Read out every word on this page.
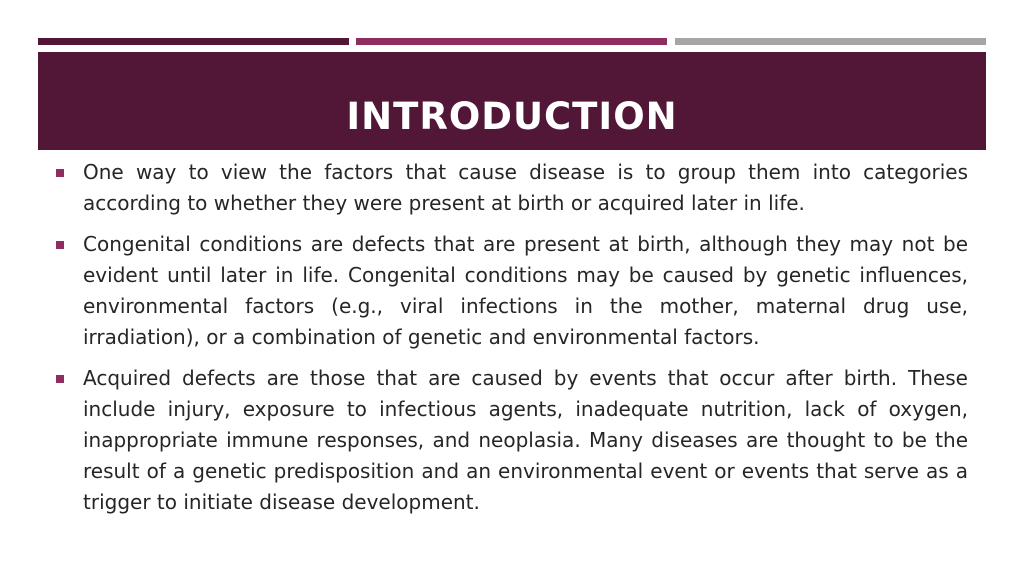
INTRODUCTION
One way to view the factors that cause disease is to group them into categories according to whether they were present at birth or acquired later in life.
Congenital conditions are defects that are present at birth, although they may not be evident until later in life. Congenital conditions may be caused by genetic influences, environmental factors (e.g., viral infections in the mother, maternal drug use, irradiation), or a combination of genetic and environmental factors.
Acquired defects are those that are caused by events that occur after birth. These include injury, exposure to infectious agents, inadequate nutrition, lack of oxygen, inappropriate immune responses, and neoplasia. Many diseases are thought to be the result of a genetic predisposition and an environmental event or events that serve as a trigger to initiate disease development.
